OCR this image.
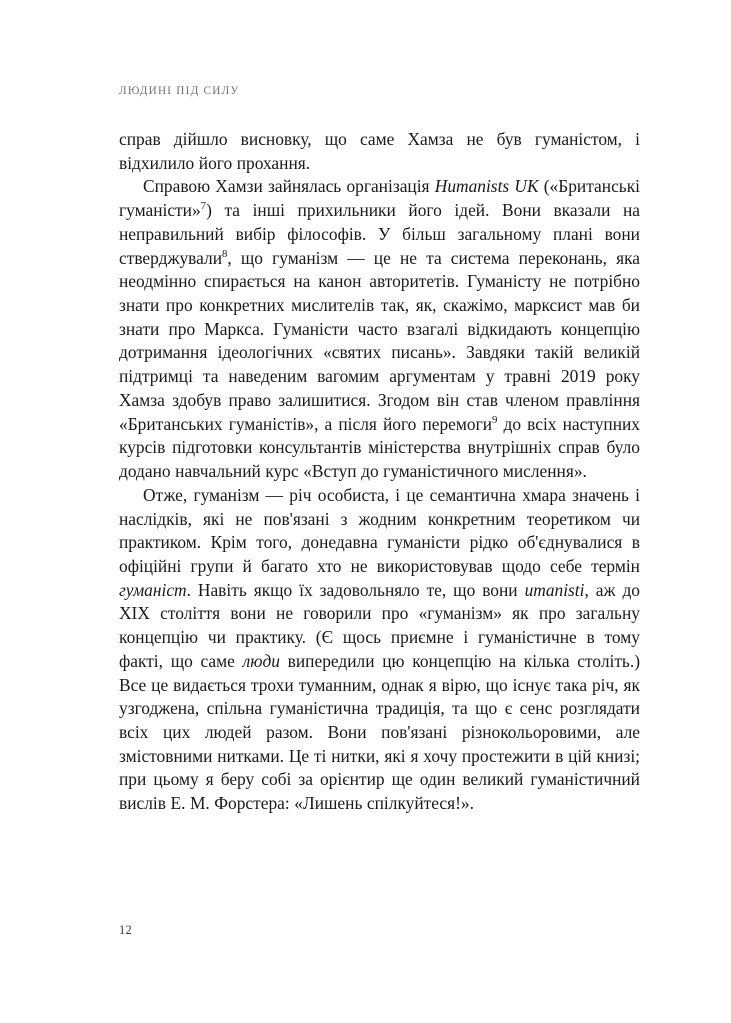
ЛЮДИНІ ПІД СИЛУ

справ дійшло висновку, що саме Хамза не був гуманістом, і відхилило його прохання.

Справою Хамзи зайнялась організація Humanists UK («Британські гуманісти»$^7$) та інші прихильники його ідей. Вони вказали на неправильний вибір філософів. У більш загальному плані вони стверджували$^8$, що гуманізм — це не та система переконань, яка неодмінно спирається на канон авторитетів. Гуманісту не потрібно знати про конкретних мислителів так, як, скажімо, марксист мав би знати про Маркса. Гуманісти часто взагалі відкидають концепцію дотримання ідеологічних «святих писань». Завдяки такій великій підтримці та наведеним вагомим аргументам у травні 2019 року Хамза здобув право залишитися. Згодом він став членом правління «Британських гуманістів», а після його перемоги$^9$ до всіх наступних курсів підготовки консультантів міністерства внутрішніх справ було додано навчальний курс «Вступ до гуманістичного мислення».

Отже, гуманізм — річ особиста, і це семантична хмара значень і наслідків, які не пов'язані з жодним конкретним теоретиком чи практиком. Крім того, донедавна гуманісти рідко об'єднувалися в офіційні групи й багато хто не використовував щодо себе термін гуманіст. Навіть якщо їх задовольняло те, що вони umanisti, аж до XIX століття вони не говорили про «гуманізм» як про загальну концепцію чи практику. (Є щось приємне і гуманістичне в тому факті, що саме люди випередили цю концепцію на кілька століть.) Все це видається трохи туманним, однак я вірю, що існує така річ, як узгоджена, спільна гуманістична традиція, та що є сенс розглядати всіх цих людей разом. Вони пов'язані різнокольоровими, але змістовними нитками. Це ті нитки, які я хочу простежити в цій книзі; при цьому я беру собі за орієнтир ще один великий гуманістичний вислів Е. М. Форстера: «Лишень спілкуйтеся!».

12
